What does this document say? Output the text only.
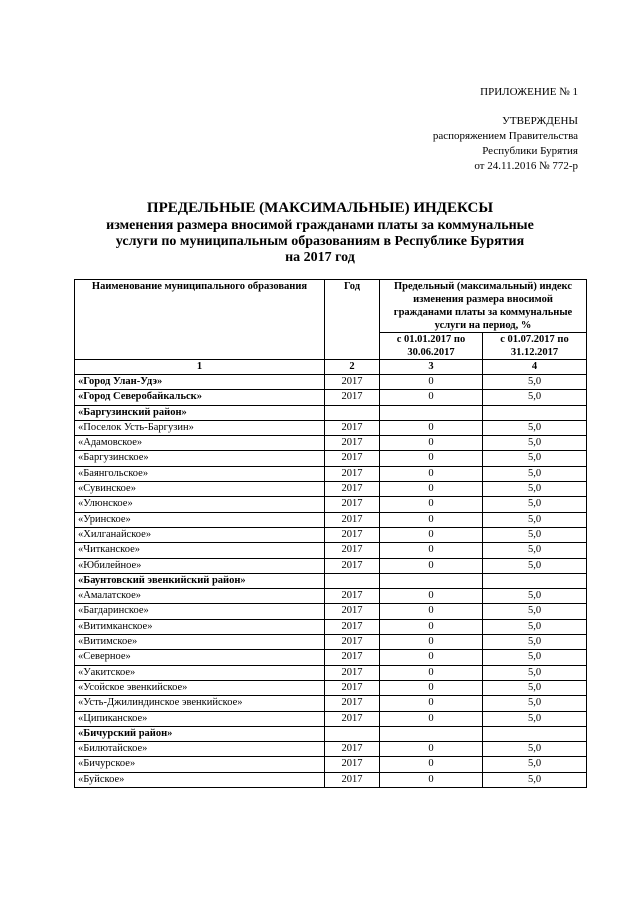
ПРИЛОЖЕНИЕ № 1
УТВЕРЖДЕНЫ
распоряжением Правительства
Республики Бурятия
от 24.11.2016 № 772-р
ПРЕДЕЛЬНЫЕ (МАКСИМАЛЬНЫЕ) ИНДЕКСЫ
изменения размера вносимой гражданами платы за коммунальные
услуги по муниципальным образованиям в Республике Бурятия
на 2017 год
Наименование муниципального образования	Год	Предельный (максимальный) индекс изменения размера вносимой гражданами платы за коммунальные услуги на период, %	
		с 01.01.2017 по 30.06.2017	с 01.07.2017 по 31.12.2017
1	2	3	4
«Город Улан-Удэ»	2017	0	5,0
«Город Северобайкальск»	2017	0	5,0
«Баргузинский район»			
«Поселок Усть-Баргузин»	2017	0	5,0
«Адамовское»	2017	0	5,0
«Баргузинское»	2017	0	5,0
«Баянгольское»	2017	0	5,0
«Сувинское»	2017	0	5,0
«Улюнское»	2017	0	5,0
«Уринское»	2017	0	5,0
«Хилганайское»	2017	0	5,0
«Читканское»	2017	0	5,0
«Юбилейное»	2017	0	5,0
«Баунтовский эвенкийский район»			
«Амалатское»	2017	0	5,0
«Багдаринское»	2017	0	5,0
«Витимканское»	2017	0	5,0
«Витимское»	2017	0	5,0
«Северное»	2017	0	5,0
«Уакитское»	2017	0	5,0
«Усойское эвенкийское»	2017	0	5,0
«Усть-Джилиндинское эвенкийское»	2017	0	5,0
«Ципиканское»	2017	0	5,0
«Бичурский район»			
«Билютайское»	2017	0	5,0
«Бичурское»	2017	0	5,0
«Буйское»	2017	0	5,0
